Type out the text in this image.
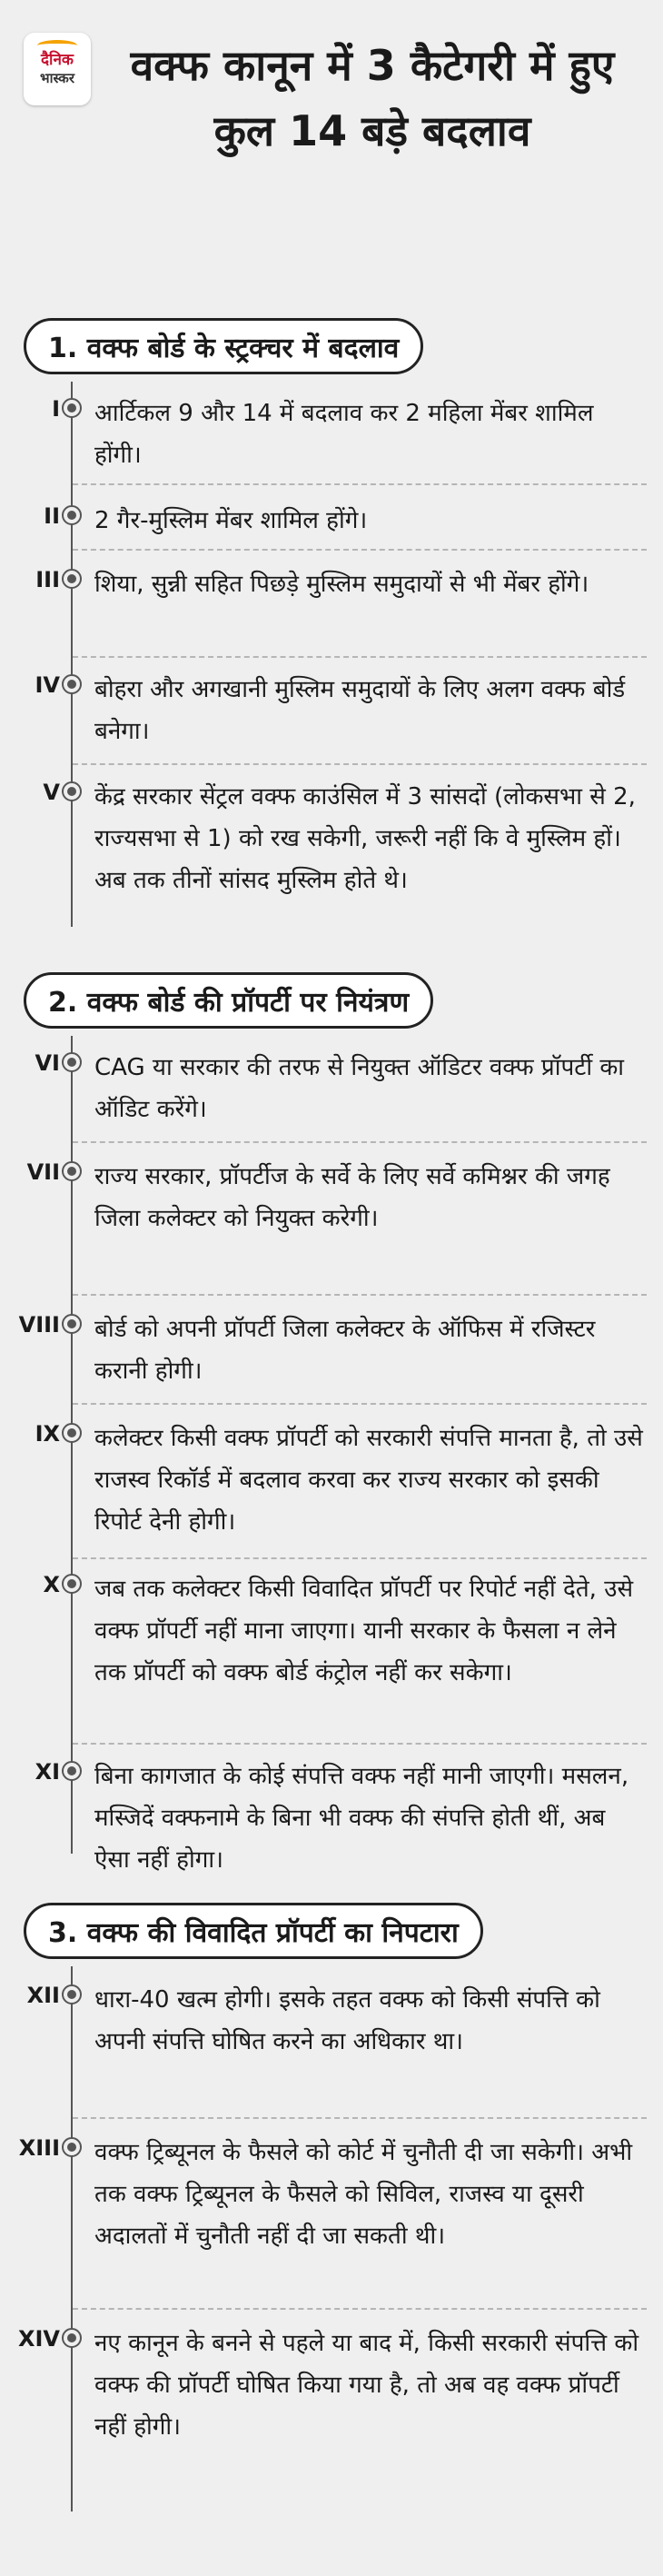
दैनिक
भास्कर	वक्फ कानून में 3 कैटेगरी में हुए कुल 14 बड़े बदलाव
1. वक्फ बोर्ड के स्ट्रक्चर में बदलाव
I आर्टिकल 9 और 14 में बदलाव कर 2 महिला मेंबर शामिल होंगी।
II 2 गैर-मुस्लिम मेंबर शामिल होंगे।
III शिया, सुन्नी सहित पिछड़े मुस्लिम समुदायों से भी मेंबर होंगे।
IV बोहरा और अगखानी मुस्लिम समुदायों के लिए अलग वक्फ बोर्ड बनेगा।
V केंद्र सरकार सेंट्रल वक्फ काउंसिल में 3 सांसदों (लोकसभा से 2, राज्यसभा से 1) को रख सकेगी, जरूरी नहीं कि वे मुस्लिम हों। अब तक तीनों सांसद मुस्लिम होते थे।
2. वक्फ बोर्ड की प्रॉपर्टी पर नियंत्रण
VI CAG या सरकार की तरफ से नियुक्त ऑडिटर वक्फ प्रॉपर्टी का ऑडिट करेंगे।
VII राज्य सरकार, प्रॉपर्टीज के सर्वे के लिए सर्वे कमिश्नर की जगह जिला कलेक्टर को नियुक्त करेगी।
VIII बोर्ड को अपनी प्रॉपर्टी जिला कलेक्टर के ऑफिस में रजिस्टर करानी होगी।
IX कलेक्टर किसी वक्फ प्रॉपर्टी को सरकारी संपत्ति मानता है, तो उसे राजस्व रिकॉर्ड में बदलाव करवा कर राज्य सरकार को इसकी रिपोर्ट देनी होगी।
X जब तक कलेक्टर किसी विवादित प्रॉपर्टी पर रिपोर्ट नहीं देते, उसे वक्फ प्रॉपर्टी नहीं माना जाएगा। यानी सरकार के फैसला न लेने तक प्रॉपर्टी को वक्फ बोर्ड कंट्रोल नहीं कर सकेगा।
XI बिना कागजात के कोई संपत्ति वक्फ नहीं मानी जाएगी। मसलन, मस्जिदें वक्फनामे के बिना भी वक्फ की संपत्ति होती थीं, अब ऐसा नहीं होगा।
3. वक्फ की विवादित प्रॉपर्टी का निपटारा
XII धारा-40 खत्म होगी। इसके तहत वक्फ को किसी संपत्ति को अपनी संपत्ति घोषित करने का अधिकार था।
XIII वक्फ ट्रिब्यूनल के फैसले को कोर्ट में चुनौती दी जा सकेगी। अभी तक वक्फ ट्रिब्यूनल के फैसले को सिविल, राजस्व या दूसरी अदालतों में चुनौती नहीं दी जा सकती थी।
XIV नए कानून के बनने से पहले या बाद में, किसी सरकारी संपत्ति को वक्फ की प्रॉपर्टी घोषित किया गया है, तो अब वह वक्फ प्रॉपर्टी नहीं होगी।
